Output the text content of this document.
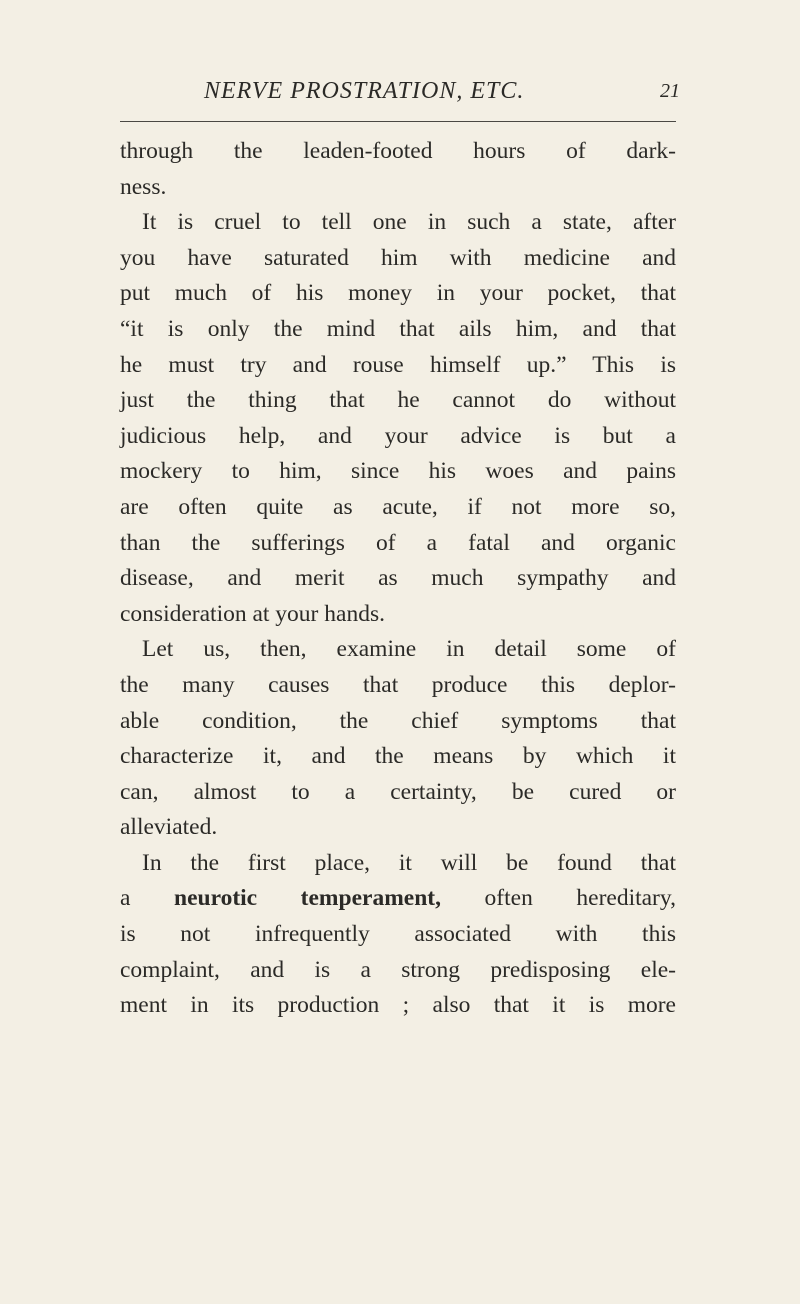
NERVE PROSTRATION, ETC.	21
through the leaden-footed hours of dark-
ness.
It is cruel to tell one in such a state, after
you have saturated him with medicine and
put much of his money in your pocket, that
“it is only the mind that ails him, and that
he must try and rouse himself up.” This is
just the thing that he cannot do without
judicious help, and your advice is but a
mockery to him, since his woes and pains
are often quite as acute, if not more so,
than the sufferings of a fatal and organic
disease, and merit as much sympathy and
consideration at your hands.
Let us, then, examine in detail some of
the many causes that produce this deplor-
able condition, the chief symptoms that
characterize it, and the means by which it
can, almost to a certainty, be cured or
alleviated.
In the first place, it will be found that
a neurotic temperament, often hereditary,
is not infrequently associated with this
complaint, and is a strong predisposing ele-
ment in its production ; also that it is more
